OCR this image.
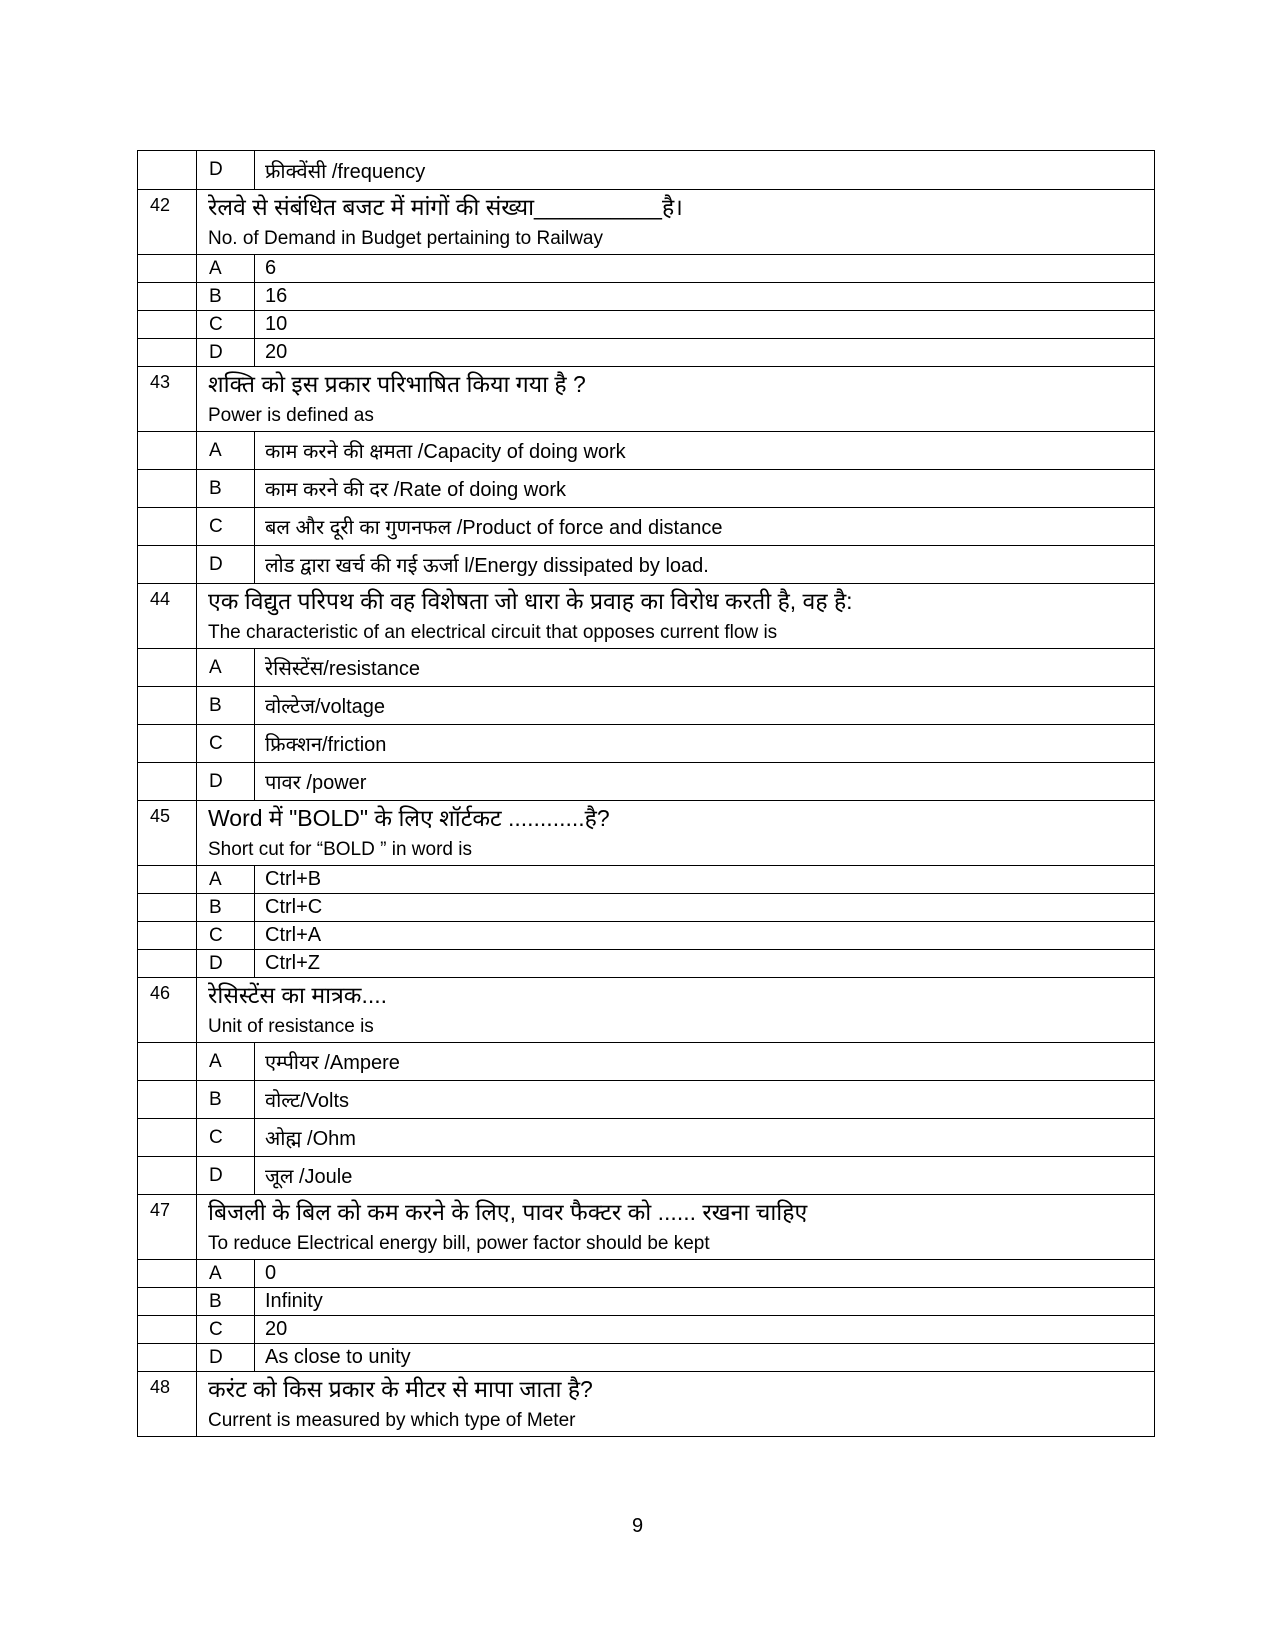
D	फ्रीक्वेंसी /frequency
42	रेलवे से संबंधित बजट में मांगों की संख्या__________है।
No. of Demand in Budget pertaining to Railway
A	6
B	16
C	10
D	20
43	शक्ति को इस प्रकार परिभाषित किया गया है ?
Power is defined as
A	काम करने की क्षमता /Capacity of doing work
B	काम करने की दर /Rate of doing work
C	बल और दूरी का गुणनफल /Product of force and distance
D	लोड द्वारा खर्च की गई ऊर्जा l/Energy dissipated by load.
44	एक विद्युत परिपथ की वह विशेषता जो धारा के प्रवाह का विरोध करती है, वह है:
The characteristic of an electrical circuit that opposes current flow is
A	रेसिस्टेंस/resistance
B	वोल्टेज/voltage
C	फ्रिक्शन/friction
D	पावर /power
45	Word में "BOLD" के लिए शॉर्टकट ............है?
Short cut for “BOLD ” in word is
A	Ctrl+B
B	Ctrl+C
C	Ctrl+A
D	Ctrl+Z
46	रेसिस्टेंस का मात्रक....
Unit of resistance is
A	एम्पीयर /Ampere
B	वोल्ट/Volts
C	ओह्म /Ohm
D	जूल /Joule
47	बिजली के बिल को कम करने के लिए, पावर फैक्टर को ...... रखना चाहिए
To reduce Electrical energy bill, power factor should be kept
A	0
B	Infinity
C	20
D	As close to unity
48	करंट को किस प्रकार के मीटर से मापा जाता है?
Current is measured by which type of Meter
9
